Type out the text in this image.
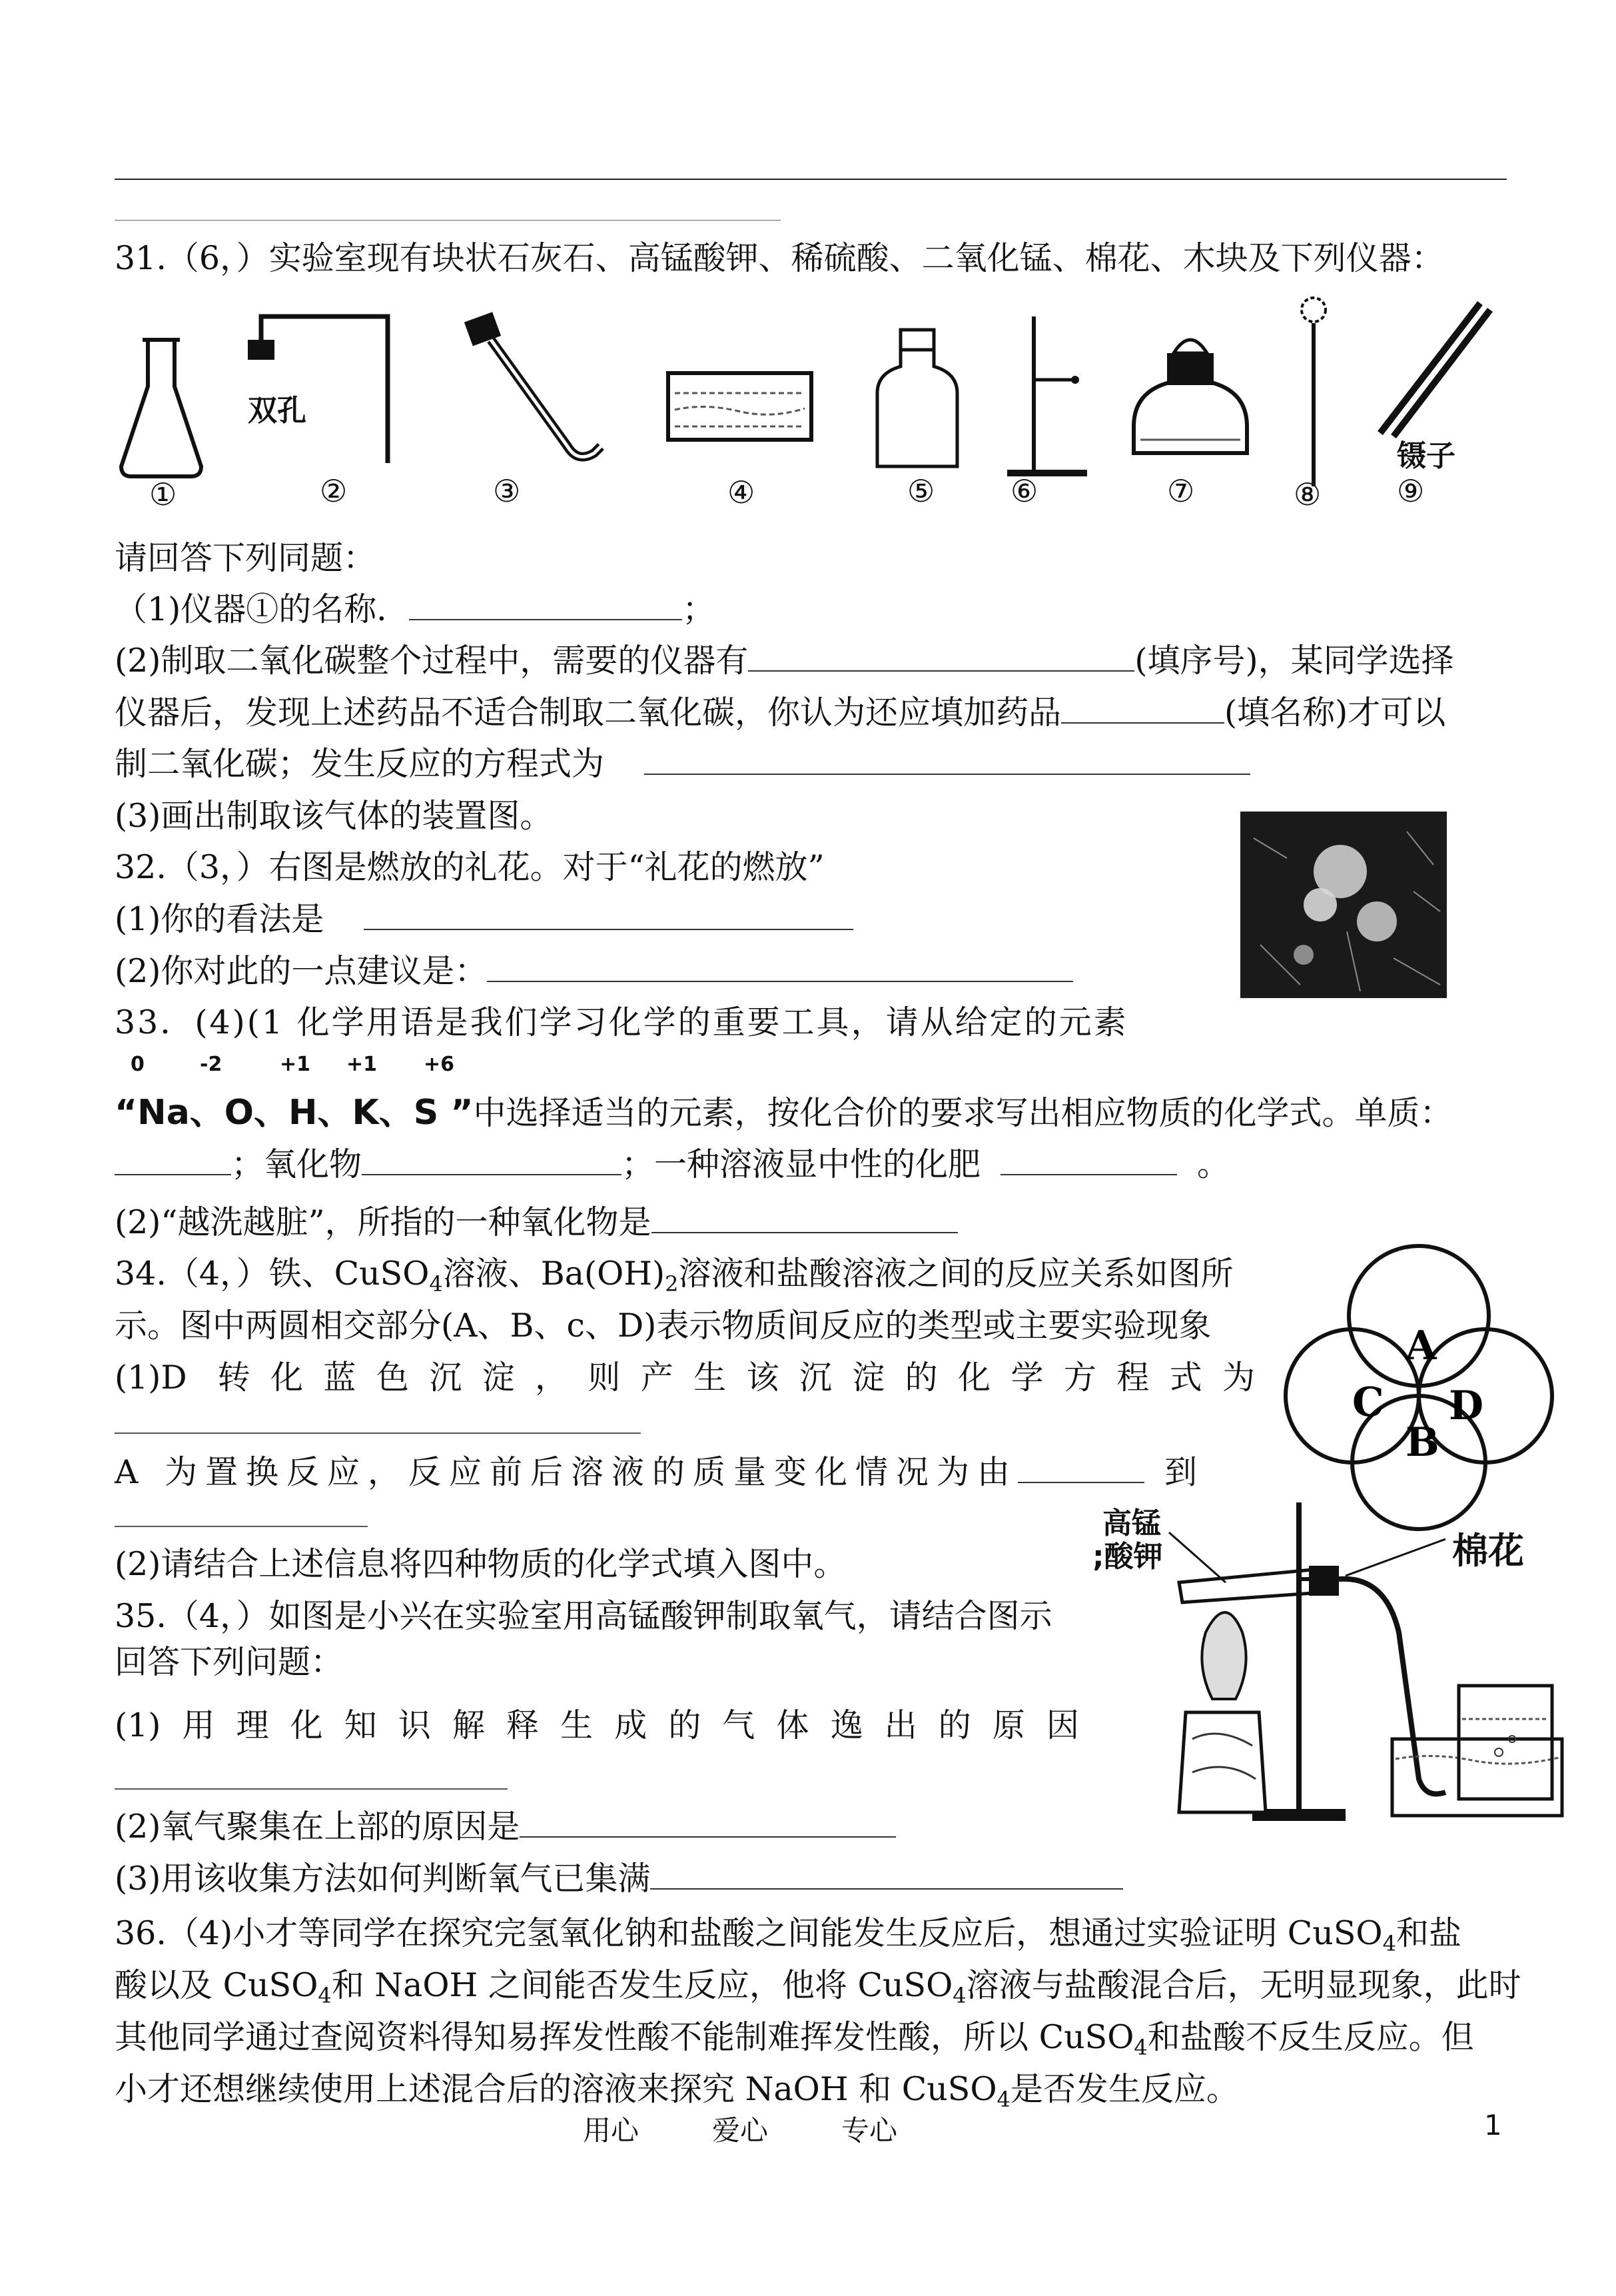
31.（6，）实验室现有块状石灰石、高锰酸钾、稀硫酸、二氧化锰、棉花、木块及下列仪器：
双孔
镊子
①	②	③	④	⑤ ⑥	⑦	⑧ ⑨
请回答下列同题：
（1)仪器①的名称．	；
(2)制取二氧化碳整个过程中，需要的仪器有	(填序号)，某同学选择
仪器后，发现上述药品不适合制取二氧化碳，你认为还应填加药品	(填名称)才可以
制二氧化碳；发生反应的方程式为
(3)画出制取该气体的装置图。
32.（3，）右图是燃放的礼花。对于“礼花的燃放”
(1)你的看法是
(2)你对此的一点建议是：
33．(4)(1 化学用语是我们学习化学的重要工具，请从给定的元素
0	-2	+1 +1 +6
“Na、O、H、K、S ”中选择适当的元素，按化合价的要求写出相应物质的化学式。单质：
；氧化物	；一种溶液显中性的化肥	。
(2)“越洗越脏”，所指的一种氧化物是
34.（4，）铁、CuSO$_4$溶液、$Ba(OH)_2$溶液和盐酸溶液之间的反应关系如图所
示。图中两圆相交部分(A、B、c、D)表示物质间反应的类型或主要实验现象
(1)D 转化蓝色沉淀，则产生该沉淀的化学方程式为
A 为置换反应，反应前后溶液的质量变化情况为由	到
(2)请结合上述信息将四种物质的化学式填入图中。
A
C D
B
35.（4，）如图是小兴在实验室用高锰酸钾制取氧气，请结合图示
回答下列问题：
(1)用理化知识解释生成的气体逸出的原因
(2)氧气聚集在上部的原因是
(3)用该收集方法如何判断氧气已集满
高锰
;酸钾	棉花
36.（4)小才等同学在探究完氢氧化钠和盐酸之间能发生反应后，想通过实验证明 CuSO$_4$和盐
酸以及 CuSO$_4$和 NaOH 之间能否发生反应，他将 CuSO$_4$溶液与盐酸混合后，无明显现象，此时
其他同学通过查阅资料得知易挥发性酸不能制难挥发性酸，所以 CuSO$_4$和盐酸不反生反应。但
小才还想继续使用上述混合后的溶液来探究 NaOH 和 CuSO$_4$是否发生反应。
用心	爱心	专心	1
